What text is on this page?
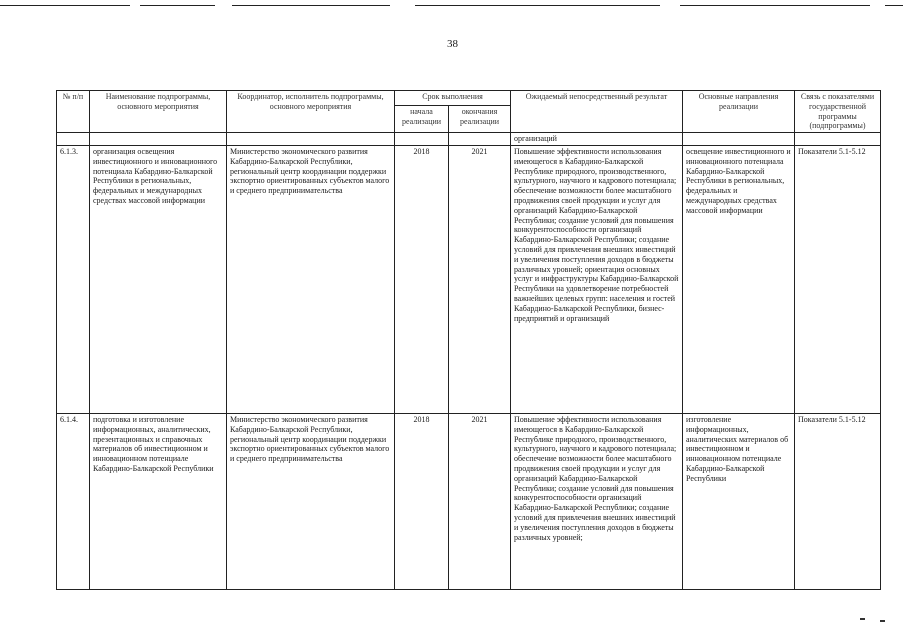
38
№ п/п	Наименование подпрограммы, основного мероприятия	Координатор, исполнитель подпрограммы, основного мероприятия	Срок выполнения		Ожидаемый непосредственный результат	Основные направления реализации	Связь с показателями государственной программы (подпрограммы)
			начала реализации	окончания реализации			
					организаций		
6.1.3.	организация освещения инвестиционного и инновационного потенциала Кабардино-Балкарской Республики в региональных, федеральных и международных средствах массовой информации	Министерство экономического развития Кабардино-Балкарской Республики, региональный центр координации поддержки экспортно ориентированных субъектов малого и среднего предпринимательства	2018	2021	Повышение эффективности использования имеющегося в Кабардино-Балкарской Республике природного, производственного, культурного, научного и кадрового потенциала; обеспечение возможности более масштабного продвижения своей продукции и услуг для организаций Кабардино-Балкарской Республики; создание условий для повышения конкурентоспособности организаций Кабардино-Балкарской Республики; создание условий для привлечения внешних инвестиций и увеличения поступления доходов в бюджеты различных уровней; ориентация основных услуг и инфраструктуры Кабардино-Балкарской Республики на удовлетворение потребностей важнейших целевых групп: населения и гостей Кабардино-Балкарской Республики, бизнес-предприятий и организаций	освещение инвестиционного и инновационного потенциала Кабардино-Балкарской Республики в региональных, федеральных и международных средствах массовой информации	Показатели 5.1-5.12
6.1.4.	подготовка и изготовление информационных, аналитических, презентационных и справочных материалов об инвестиционном и инновационном потенциале Кабардино-Балкарской Республики	Министерство экономического развития Кабардино-Балкарской Республики, региональный центр координации поддержки экспортно ориентированных субъектов малого и среднего предпринимательства	2018	2021	Повышение эффективности использования имеющегося в Кабардино-Балкарской Республике природного, производственного, культурного, научного и кадрового потенциала; обеспечение возможности более масштабного продвижения своей продукции и услуг для организаций Кабардино-Балкарской Республики; создание условий для повышения конкурентоспособности организаций Кабардино-Балкарской Республики; создание условий для привлечения внешних инвестиций и увеличения поступления доходов в бюджеты различных уровней;	изготовление информационных, аналитических материалов об инвестиционном и инновационном потенциале Кабардино-Балкарской Республики	Показатели 5.1-5.12
